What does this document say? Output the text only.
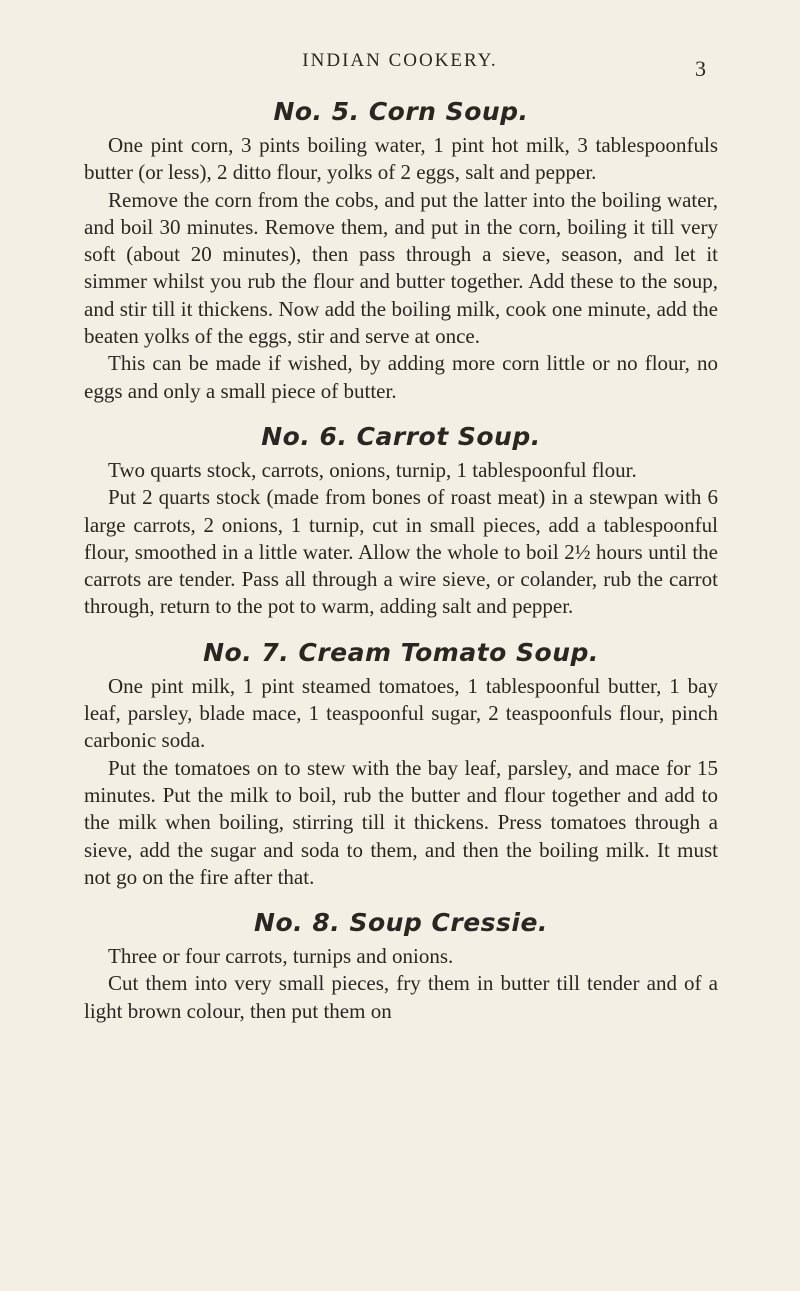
INDIAN COOKERY.	3
No. 5. Corn Soup.

One pint corn, 3 pints boiling water, 1 pint hot milk, 3 tablespoonfuls butter (or less), 2 ditto flour, yolks of 2 eggs, salt and pepper.

Remove the corn from the cobs, and put the latter into the boiling water, and boil 30 minutes. Remove them, and put in the corn, boiling it till very soft (about 20 minutes), then pass through a sieve, season, and let it simmer whilst you rub the flour and butter together. Add these to the soup, and stir till it thickens. Now add the boiling milk, cook one minute, add the beaten yolks of the eggs, stir and serve at once.

This can be made if wished, by adding more corn little or no flour, no eggs and only a small piece of butter.

No. 6. Carrot Soup.

Two quarts stock, carrots, onions, turnip, 1 tablespoonful flour.

Put 2 quarts stock (made from bones of roast meat) in a stewpan with 6 large carrots, 2 onions, 1 turnip, cut in small pieces, add a tablespoonful flour, smoothed in a little water. Allow the whole to boil 2½ hours until the carrots are tender. Pass all through a wire sieve, or colander, rub the carrot through, return to the pot to warm, adding salt and pepper.

No. 7. Cream Tomato Soup.

One pint milk, 1 pint steamed tomatoes, 1 tablespoonful butter, 1 bay leaf, parsley, blade mace, 1 teaspoonful sugar, 2 teaspoonfuls flour, pinch carbonic soda.

Put the tomatoes on to stew with the bay leaf, parsley, and mace for 15 minutes. Put the milk to boil, rub the butter and flour together and add to the milk when boiling, stirring till it thickens. Press tomatoes through a sieve, add the sugar and soda to them, and then the boiling milk. It must not go on the fire after that.

No. 8. Soup Cressie.

Three or four carrots, turnips and onions.

Cut them into very small pieces, fry them in butter till tender and of a light brown colour, then put them on
